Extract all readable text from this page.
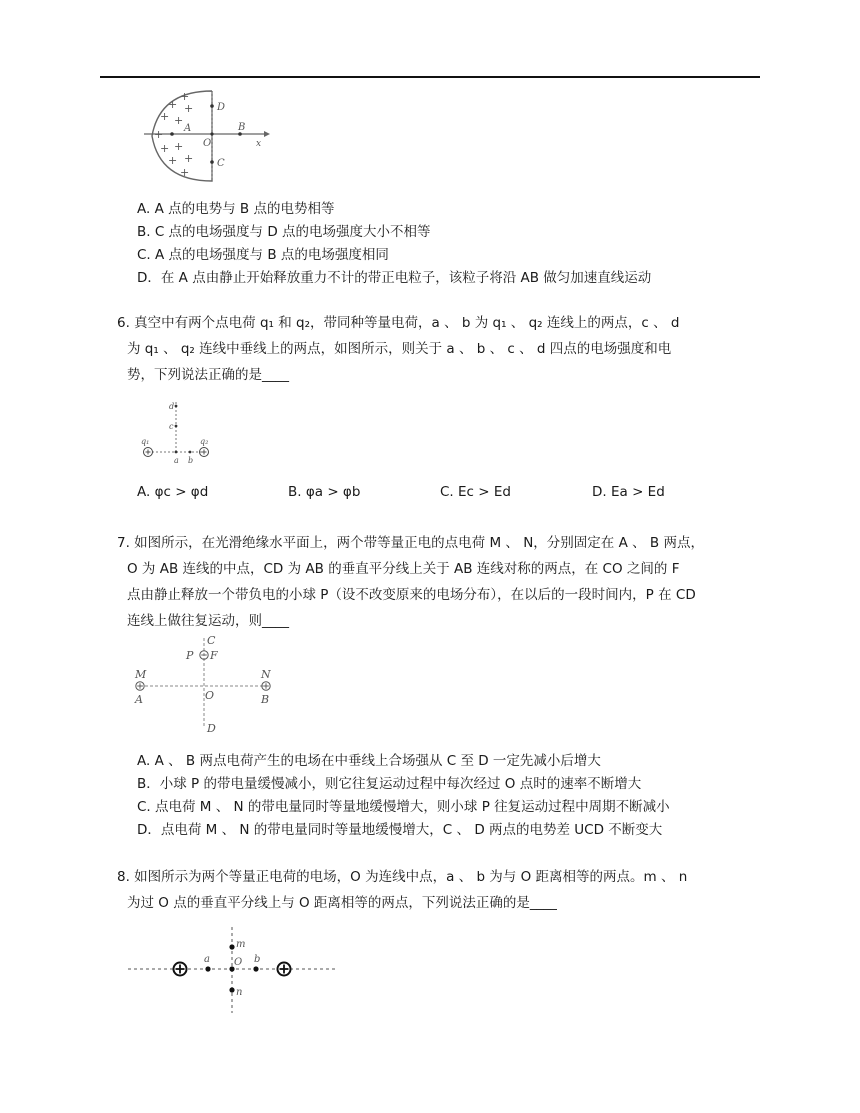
D
A
O
B
x
C
+
+ +
+ +
+
+ +
+ +
+
A. A 点的电势与 B 点的电势相等
B. C 点的电场强度与 D 点的电场强度大小不相等
C. A 点的电场强度与 B 点的电场强度相同
D．在 A 点由静止开始释放重力不计的带正电粒子，该粒子将沿 AB 做匀加速直线运动
6. 真空中有两个点电荷 q₁ 和 q₂，带同种等量电荷，a 、 b 为 q₁ 、 q₂ 连线上的两点，c 、 d
为 q₁ 、 q₂ 连线中垂线上的两点，如图所示，则关于 a 、 b 、 c 、 d 四点的电场强度和电
势，下列说法正确的是____
d
c
q₁	q₂
a b
A. φc > φd	B. φa > φb	C. Ec > Ed	D. Ea > Ed
7. 如图所示，在光滑绝缘水平面上，两个带等量正电的点电荷 M 、 N，分别固定在 A 、 B 两点，
O 为 AB 连线的中点，CD 为 AB 的垂直平分线上关于 AB 连线对称的两点，在 CO 之间的 F
点由静止释放一个带负电的小球 P（设不改变原来的电场分布），在以后的一段时间内，P 在 CD
连线上做往复运动，则____
C
P F
M	N
O
A	B
D
A. A 、 B 两点电荷产生的电场在中垂线上合场强从 C 至 D 一定先减小后增大
B．小球 P 的带电量缓慢减小，则它往复运动过程中每次经过 O 点时的速率不断增大
C. 点电荷 M 、 N 的带电量同时等量地缓慢增大，则小球 P 往复运动过程中周期不断减小
D．点电荷 M 、 N 的带电量同时等量地缓慢增大，C 、 D 两点的电势差 UCD 不断变大
8. 如图所示为两个等量正电荷的电场，O 为连线中点，a 、 b 为与 O 距离相等的两点。m 、 n
为过 O 点的垂直平分线上与 O 距离相等的两点，下列说法正确的是____
m
a O b
n
